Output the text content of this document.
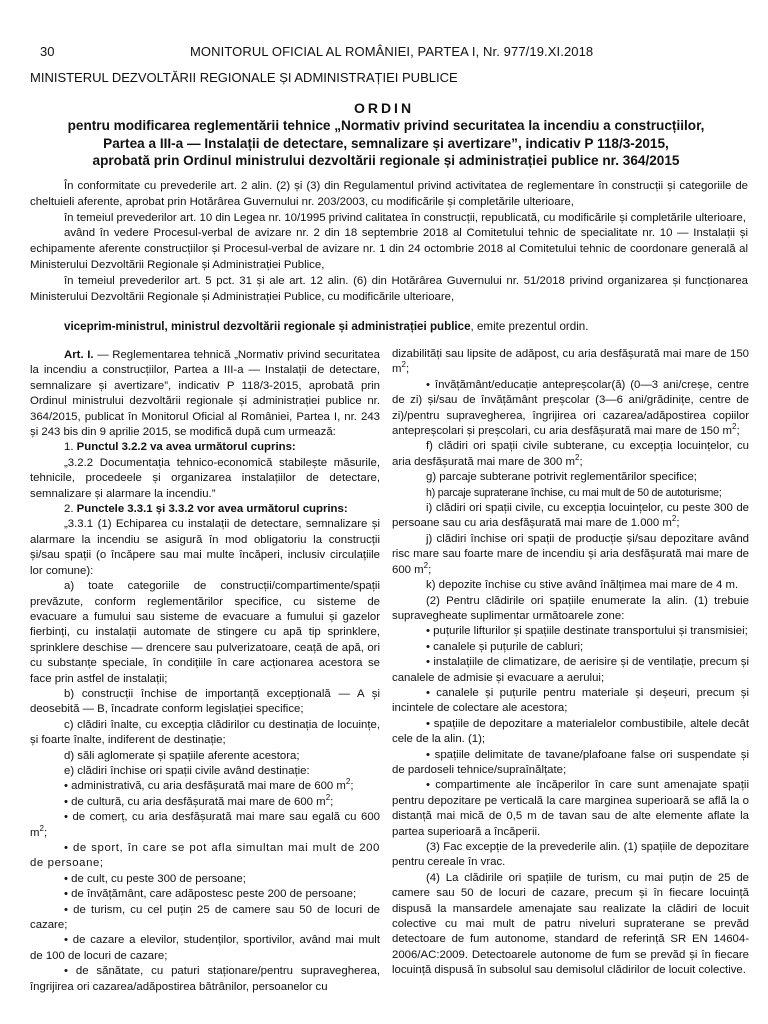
30	MONITORUL OFICIAL AL ROMÂNIEI, PARTEA I, Nr. 977/19.XI.2018
MINISTERUL DEZVOLTĂRII REGIONALE ȘI ADMINISTRAȚIEI PUBLICE
ORDIN
pentru modificarea reglementării tehnice „Normativ privind securitatea la incendiu a construcțiilor,
Partea a III-a — Instalații de detectare, semnalizare și avertizare”, indicativ P 118/3-2015,
aprobată prin Ordinul ministrului dezvoltării regionale și administrației publice nr. 364/2015

În conformitate cu prevederile art. 2 alin. (2) și (3) din Regulamentul privind activitatea de reglementare în construcții și categoriile de cheltuieli aferente, aprobat prin Hotărârea Guvernului nr. 203/2003, cu modificările și completările ulterioare,

în temeiul prevederilor art. 10 din Legea nr. 10/1995 privind calitatea în construcții, republicată, cu modificările și completările ulterioare,

având în vedere Procesul-verbal de avizare nr. 2 din 18 septembrie 2018 al Comitetului tehnic de specialitate nr. 10 — Instalații și echipamente aferente construcțiilor și Procesul-verbal de avizare nr. 1 din 24 octombrie 2018 al Comitetului tehnic de coordonare generală al Ministerului Dezvoltării Regionale și Administrației Publice,

în temeiul prevederilor art. 5 pct. 31 și ale art. 12 alin. (6) din Hotărârea Guvernului nr. 51/2018 privind organizarea și funcționarea Ministerului Dezvoltării Regionale și Administrației Publice, cu modificările ulterioare,

viceprim-ministrul, ministrul dezvoltării regionale și administrației publice, emite prezentul ordin.

Art. I. — Reglementarea tehnică „Normativ privind securitatea la incendiu a construcțiilor, Partea a III-a — Instalații de detectare, semnalizare și avertizare”, indicativ P 118/3-2015, aprobată prin Ordinul ministrului dezvoltării regionale și administrației publice nr. 364/2015, publicat în Monitorul Oficial al României, Partea I, nr. 243 și 243 bis din 9 aprilie 2015, se modifică după cum urmează:

1. Punctul 3.2.2 va avea următorul cuprins:

„3.2.2 Documentația tehnico-economică stabilește măsurile, tehnicile, procedeele și organizarea instalațiilor de detectare, semnalizare și alarmare la incendiu.”

2. Punctele 3.3.1 și 3.3.2 vor avea următorul cuprins:

„3.3.1 (1) Echiparea cu instalații de detectare, semnalizare și alarmare la incendiu se asigură în mod obligatoriu la construcții și/sau spații (o încăpere sau mai multe încăperi, inclusiv circulațiile lor comune):

a) toate categoriile de construcții/compartimente/spații prevăzute, conform reglementărilor specifice, cu sisteme de evacuare a fumului sau sisteme de evacuare a fumului și gazelor fierbinți, cu instalații automate de stingere cu apă tip sprinklere, sprinklere deschise — drencere sau pulverizatoare, ceață de apă, ori cu substanțe speciale, în condițiile în care acționarea acestora se face prin astfel de instalații;

b) construcții închise de importanță excepțională — A și deosebită — B, încadrate conform legislației specifice;

c) clădiri înalte, cu excepția clădirilor cu destinația de locuințe, și foarte înalte, indiferent de destinație;

d) săli aglomerate și spațiile aferente acestora;

e) clădiri închise ori spații civile având destinație:

• administrativă, cu aria desfășurată mai mare de 600 $m^2$;

• de cultură, cu aria desfășurată mai mare de 600 $m^2$;

• de comerț, cu aria desfășurată mai mare sau egală cu 600 $m^2$;

• de sport, în care se pot afla simultan mai mult de 200 de persoane;

• de cult, cu peste 300 de persoane;

• de învățământ, care adăpostesc peste 200 de persoane;

• de turism, cu cel puțin 25 de camere sau 50 de locuri de cazare;

• de cazare a elevilor, studenților, sportivilor, având mai mult de 100 de locuri de cazare;

• de sănătate, cu paturi staționare/pentru supravegherea, îngrijirea ori cazarea/adăpostirea bătrânilor, persoanelor cu

dizabilități sau lipsite de adăpost, cu aria desfășurată mai mare de 150 $m^2$;

• învățământ/educație antepreșcolar(ă) (0—3 ani/creșe, centre de zi) și/sau de învățământ preșcolar (3—6 ani/grădinițe, centre de zi)/pentru supravegherea, îngrijirea ori cazarea/adăpostirea copiilor antepreșcolari și preșcolari, cu aria desfășurată mai mare de 150 $m^2$;

f) clădiri ori spații civile subterane, cu excepția locuințelor, cu aria desfășurată mai mare de 300 $m^2$;

g) parcaje subterane potrivit reglementărilor specifice;

h) parcaje supraterane închise, cu mai mult de 50 de autoturisme;

i) clădiri ori spații civile, cu excepția locuințelor, cu peste 300 de persoane sau cu aria desfășurată mai mare de 1.000 $m^2$;

j) clădiri închise ori spații de producție și/sau depozitare având risc mare sau foarte mare de incendiu și aria desfășurată mai mare de 600 $m^2$;

k) depozite închise cu stive având înălțimea mai mare de 4 m.

(2) Pentru clădirile ori spațiile enumerate la alin. (1) trebuie supravegheate suplimentar următoarele zone:

• puțurile lifturilor și spațiile destinate transportului și transmisiei;

• canalele și puțurile de cabluri;

• instalațiile de climatizare, de aerisire și de ventilație, precum și canalele de admisie și evacuare a aerului;

• canalele și puțurile pentru materiale și deșeuri, precum și incintele de colectare ale acestora;

• spațiile de depozitare a materialelor combustibile, altele decât cele de la alin. (1);

• spațiile delimitate de tavane/plafoane false ori suspendate și de pardoseli tehnice/supraînălțate;

• compartimente ale încăperilor în care sunt amenajate spații pentru depozitare pe verticală la care marginea superioară se află la o distanță mai mică de 0,5 m de tavan sau de alte elemente aflate la partea superioară a încăperii.

(3) Fac excepție de la prevederile alin. (1) spațiile de depozitare pentru cereale în vrac.

(4) La clădirile ori spațiile de turism, cu mai puțin de 25 de camere sau 50 de locuri de cazare, precum și în fiecare locuință dispusă la mansardele amenajate sau realizate la clădiri de locuit colective cu mai mult de patru niveluri supraterane se prevăd detectoare de fum autonome, standard de referință SR EN 14604-2006/AC:2009. Detectoarele autonome de fum se prevăd și în fiecare locuință dispusă în subsolul sau demisolul clădirilor de locuit colective.
